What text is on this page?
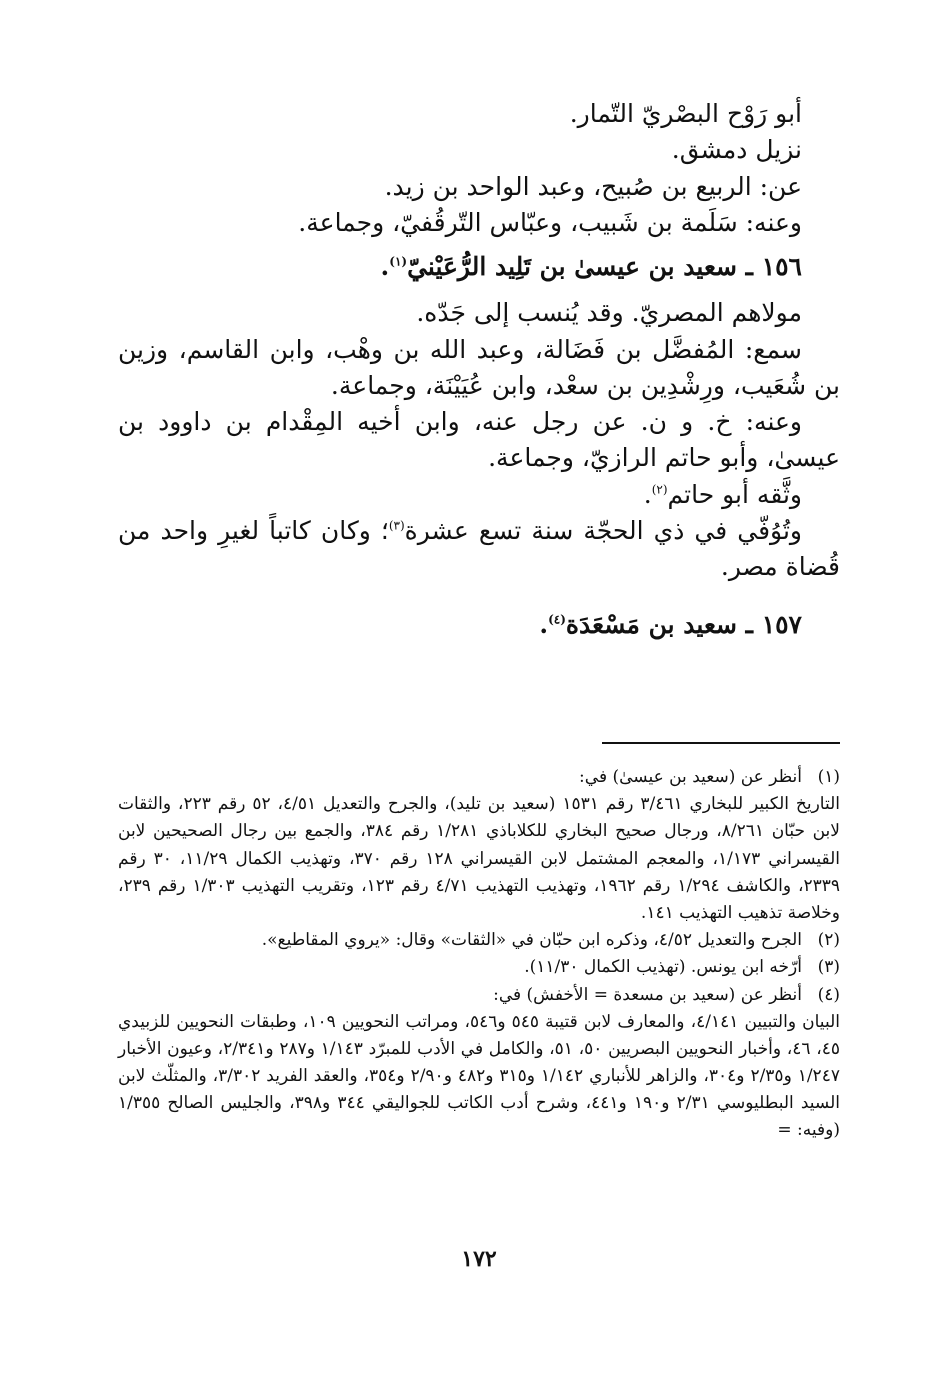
أبو رَوْح البصْريّ التّمار.

نزيل دمشق.

عن: الربيع بن صُبيح، وعبد الواحد بن زيد.

وعنه: سَلَمة بن شَبيب، وعبّاس التّرقُفيّ، وجماعة.

١٥٦ ـ سعيد بن عيسىٰ بن تَلِيد الرُّعَيْنيّ$^{(١)}$.

مولاهم المصريّ. وقد يُنسب إلى جَدّه.

سمع: المُفضَّل بن فَضَالة، وعبد الله بن وهْب، وابن القاسم، وزين بن شُعَيب، ورِشْدِين بن سعْد، وابن عُيَيْنَة، وجماعة.

وعنه: خ. و ن. عن رجل عنه، وابن أخيه المِقْدام بن داوود بن عيسىٰ، وأبو حاتم الرازيّ، وجماعة.

وثَّقه أبو حاتم$^{(٢)}$.

وتُوُفّي في ذي الحجّة سنة تسع عشرة$^{(٣)}$؛ وكان كاتباً لغيرِ واحد من قُضاة مصر.

١٥٧ ـ سعيد بن مَسْعَدَة$^{(٤)}$.

(١)
أنظر عن (سعيد بن عيسىٰ) في:
التاريخ الكبير للبخاري ٣/٤٦١ رقم ١٥٣١ (سعيد بن تليد)، والجرح والتعديل ٤/٥١، ٥٢ رقم ٢٢٣، والثقات لابن حبّان ٨/٢٦١، ورجال صحيح البخاري للكلاباذي ١/٢٨١ رقم ٣٨٤، والجمع بين رجال الصحيحين لابن القيسراني ١/١٧٣، والمعجم المشتمل لابن القيسراني ١٢٨ رقم ٣٧٠، وتهذيب الكمال ١١/٢٩، ٣٠ رقم ٢٣٣٩، والكاشف ١/٢٩٤ رقم ١٩٦٢، وتهذيب التهذيب ٤/٧١ رقم ١٢٣، وتقريب التهذيب ١/٣٠٣ رقم ٢٣٩، وخلاصة تذهيب التهذيب ١٤١.
(٢)
الجرح والتعديل ٤/٥٢، وذكره ابن حبّان في «الثقات» وقال: «يروي المقاطيع».
(٣)
أرّخه ابن يونس. (تهذيب الكمال ١١/٣٠).
(٤)
أنظر عن (سعيد بن مسعدة = الأخفش) في:
البيان والتبيين ٤/١٤١، والمعارف لابن قتيبة ٥٤٥ و٥٤٦، ومراتب النحويين ١٠٩، وطبقات النحويين للزبيدي ٤٥، ٤٦، وأخبار النحويين البصريين ٥٠، ٥١، والكامل في الأدب للمبرّد ١/١٤٣ و٢٨٧ و٢/٣٤١، وعيون الأخبار ١/٢٤٧ و٢/٣٥ و٣٠٤، والزاهر للأنباري ١/١٤٢ و٣١٥ و٤٨٢ و٢/٩٠ و٣٥٤، والعقد الفريد ٣/٣٠٢، والمثلّث لابن السيد البطليوسي ٢/٣١ و١٩٠ و٤٤١، وشرح أدب الكاتب للجواليقي ٣٤٤ و٣٩٨، والجليس الصالح ١/٣٥٥ (وفيه: =
١٧٢
